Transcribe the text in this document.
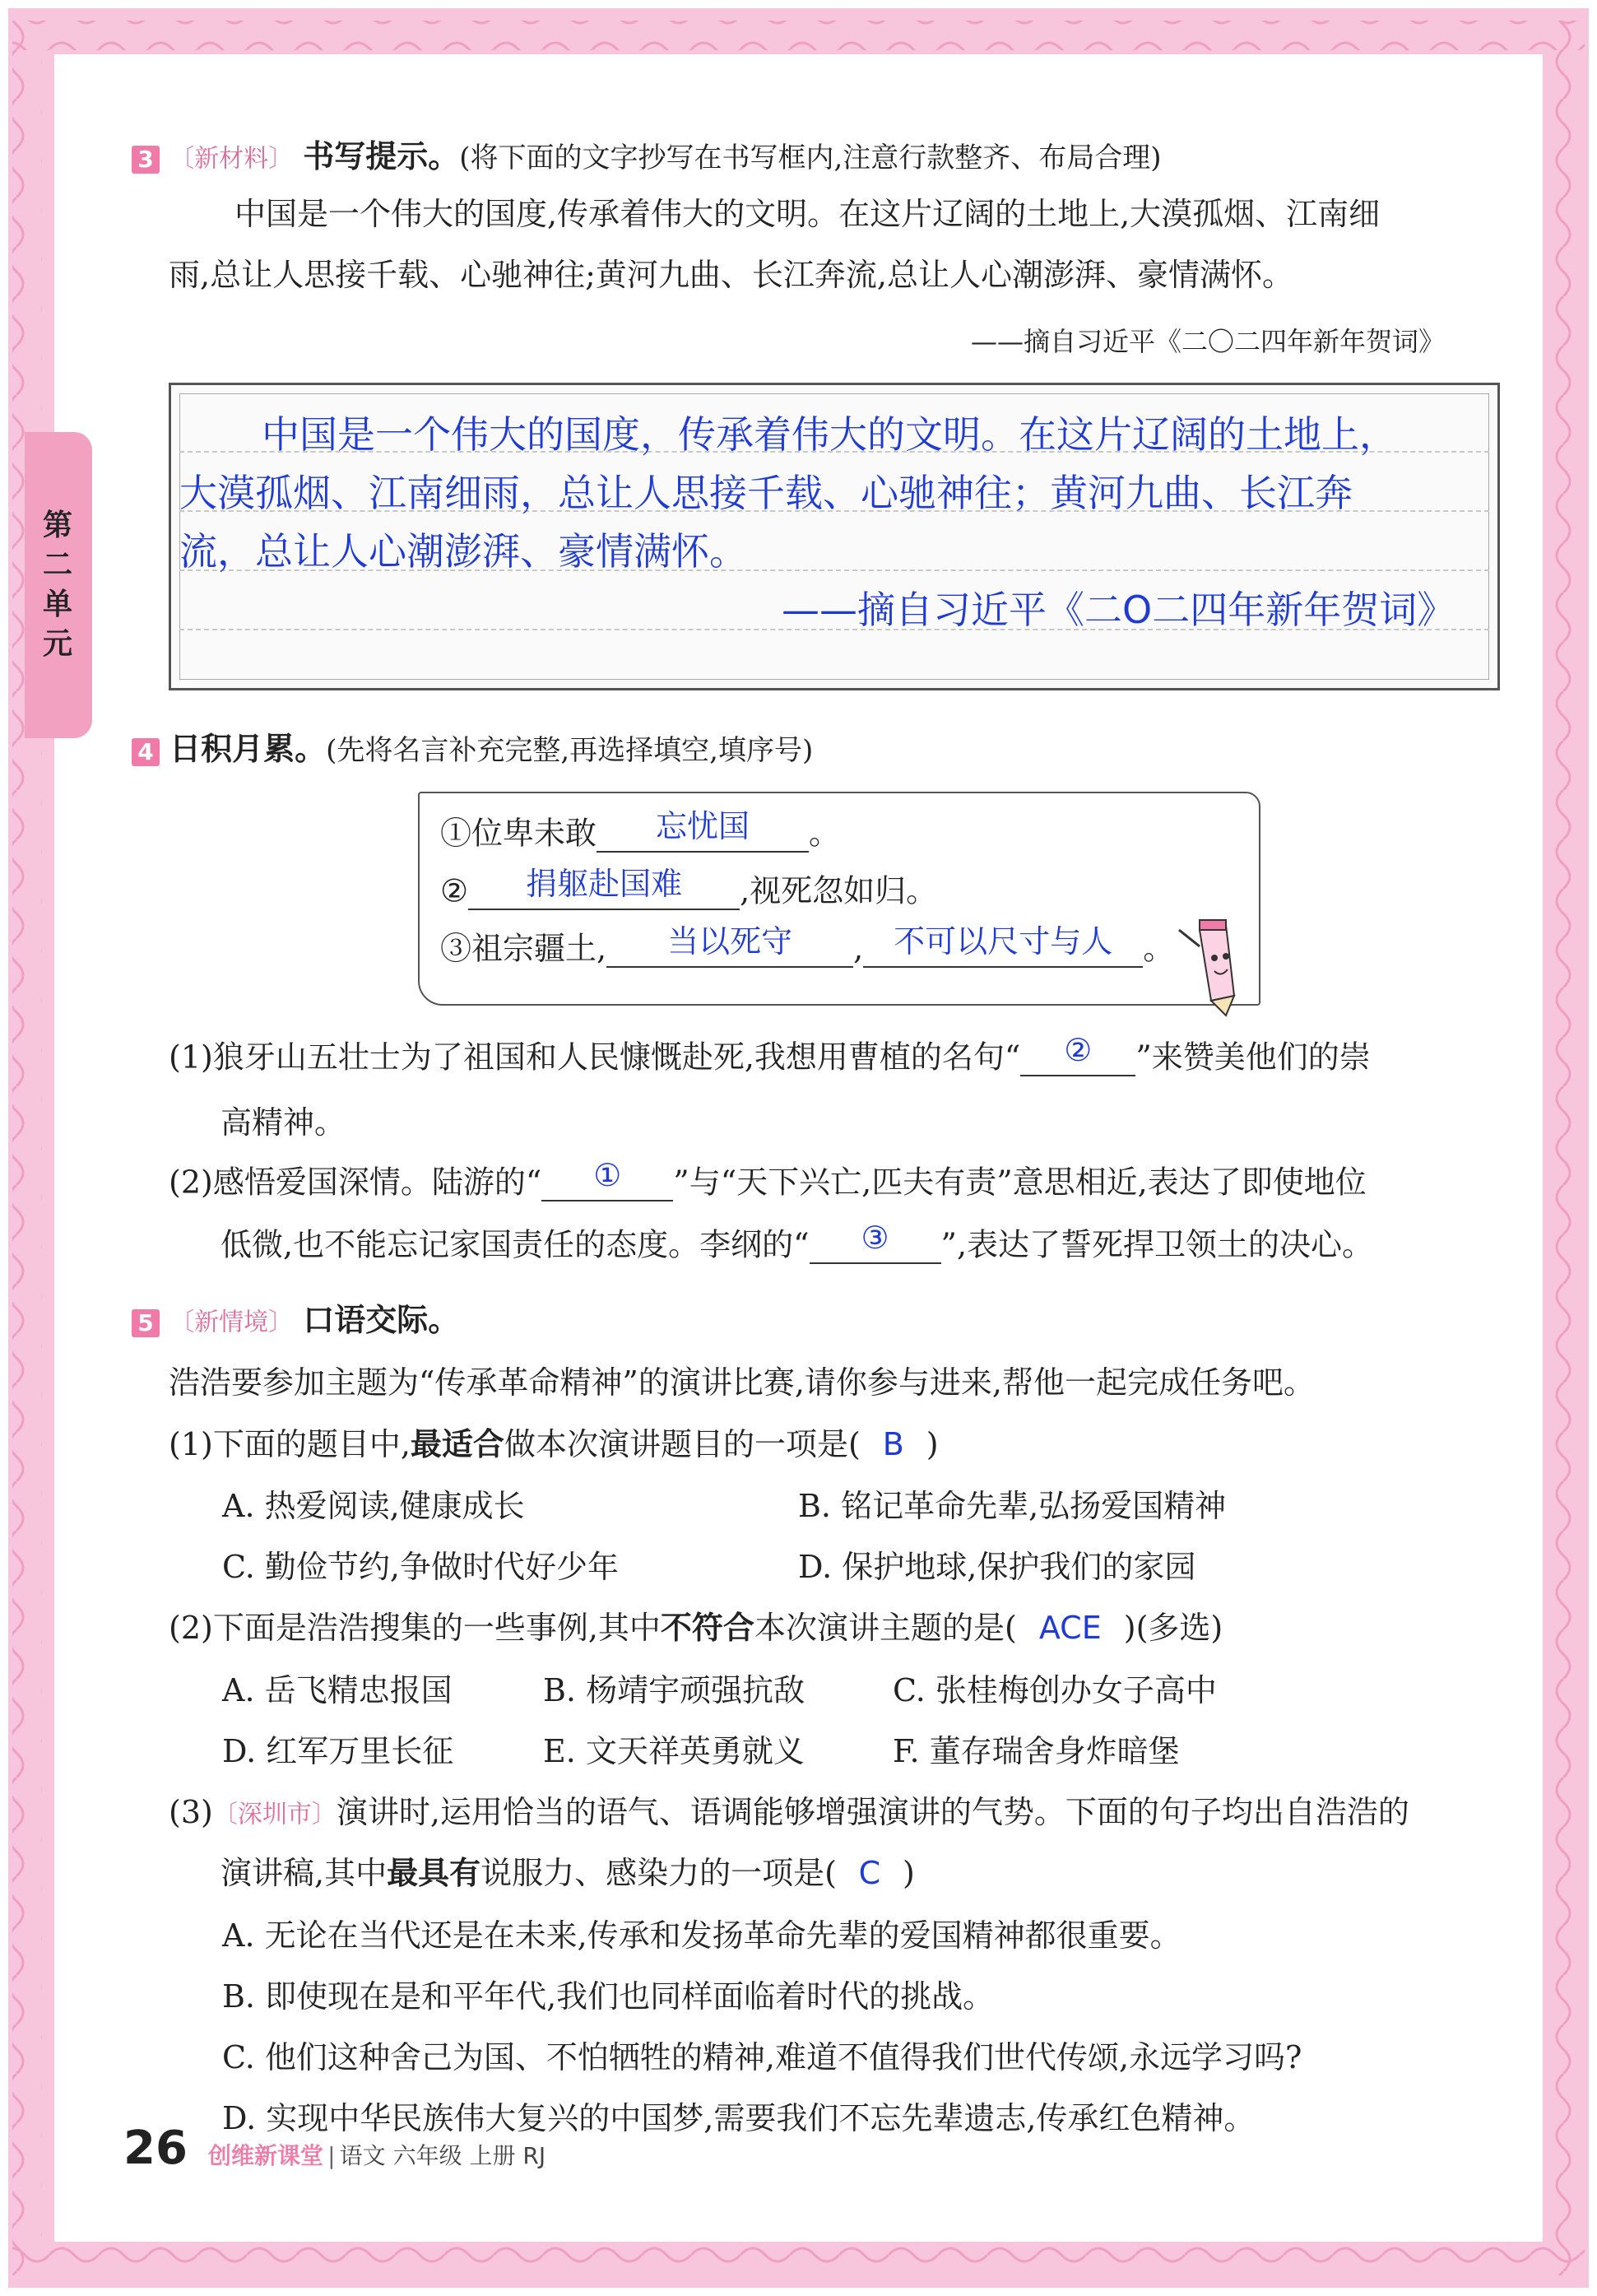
第二单元
3 〔新材料〕 书写提示。(将下面的文字抄写在书写框内,注意行款整齐、布局合理)
中国是一个伟大的国度,传承着伟大的文明。在这片辽阔的土地上,大漠孤烟、江南细
雨,总让人思接千载、心驰神往;黄河九曲、长江奔流,总让人心潮澎湃、豪情满怀。
——摘自习近平《二〇二四年新年贺词》
中国是一个伟大的国度，传承着伟大的文明。在这片辽阔的土地上，
大漠孤烟、江南细雨，总让人思接千载、心驰神往；黄河九曲、长江奔
流，总让人心潮澎湃、豪情满怀。
——摘自习近平《二O二四年新年贺词》
4 日积月累。(先将名言补充完整,再选择填空,填序号)
①位卑未敢	忘忧国	。
②	捐躯赴国难	,视死忽如归。
③祖宗疆土,	当以死守	, 不可以尺寸与人 。
(1)狼牙山五壮士为了祖国和人民慷慨赴死,我想用曹植的名句“	②	”来赞美他们的崇
高精神。
(2)感悟爱国深情。陆游的“	①	”与“天下兴亡,匹夫有责”意思相近,表达了即使地位
低微,也不能忘记家国责任的态度。李纲的“	③	”,表达了誓死捍卫领土的决心。
5 〔新情境〕 口语交际。
浩浩要参加主题为“传承革命精神”的演讲比赛,请你参与进来,帮他一起完成任务吧。
(1)下面的题目中,最适合做本次演讲题目的一项是( B )
A. 热爱阅读,健康成长	B. 铭记革命先辈,弘扬爱国精神
C. 勤俭节约,争做时代好少年	D. 保护地球,保护我们的家园
(2)下面是浩浩搜集的一些事例,其中不符合本次演讲主题的是( ACE )(多选)
A. 岳飞精忠报国	B. 杨靖宇顽强抗敌	C. 张桂梅创办女子高中
D. 红军万里长征	E. 文天祥英勇就义	F. 董存瑞舍身炸暗堡
(3)〔深圳市〕演讲时,运用恰当的语气、语调能够增强演讲的气势。下面的句子均出自浩浩的
演讲稿,其中最具有说服力、感染力的一项是( C )
A. 无论在当代还是在未来,传承和发扬革命先辈的爱国精神都很重要。
B. 即使现在是和平年代,我们也同样面临着时代的挑战。
C. 他们这种舍己为国、不怕牺牲的精神,难道不值得我们世代传颂,永远学习吗?
D. 实现中华民族伟大复兴的中国梦,需要我们不忘先辈遗志,传承红色精神。
26 创维新课堂 | 语文 六年级 上册 RJ
